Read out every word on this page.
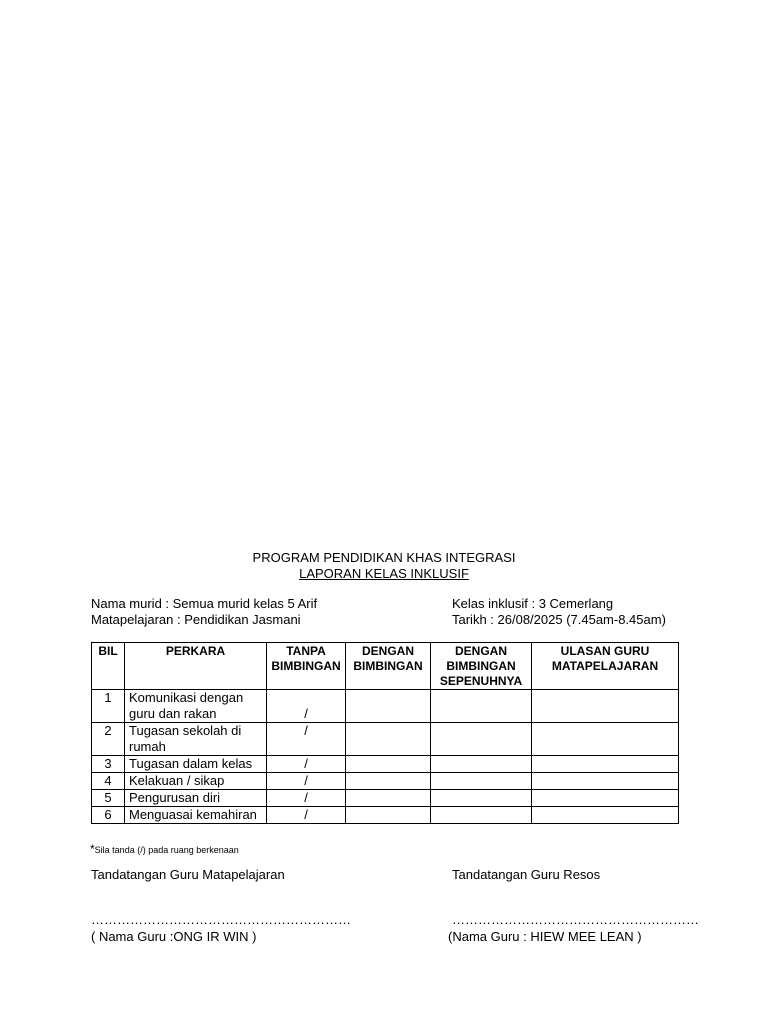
PROGRAM PENDIDIKAN KHAS INTEGRASI
LAPORAN KELAS INKLUSIF
Nama murid : Semua murid kelas 5 Arif
Matapelajaran : Pendidikan Jasmani
Kelas inklusif : 3 Cemerlang
Tarikh : 26/08/2025 (7.45am-8.45am)
BIL	PERKARA	TANPA BIMBINGAN	DENGAN BIMBINGAN	DENGAN BIMBINGAN SEPENUHNYA	ULASAN GURU MATAPELAJARAN
1	Komunikasi dengan guru dan rakan	/			
2	Tugasan sekolah di rumah	/			
3	Tugasan dalam kelas	/			
4	Kelakuan / sikap	/			
5	Pengurusan diri	/			
6	Menguasai kemahiran	/			
*Sila tanda (/) pada ruang berkenaan
Tandatangan Guru Matapelajaran	Tandatangan Guru Resos
……………………………………………………	…………………………………………………
( Nama Guru :ONG IR WIN )	(Nama Guru : HIEW MEE LEAN )
